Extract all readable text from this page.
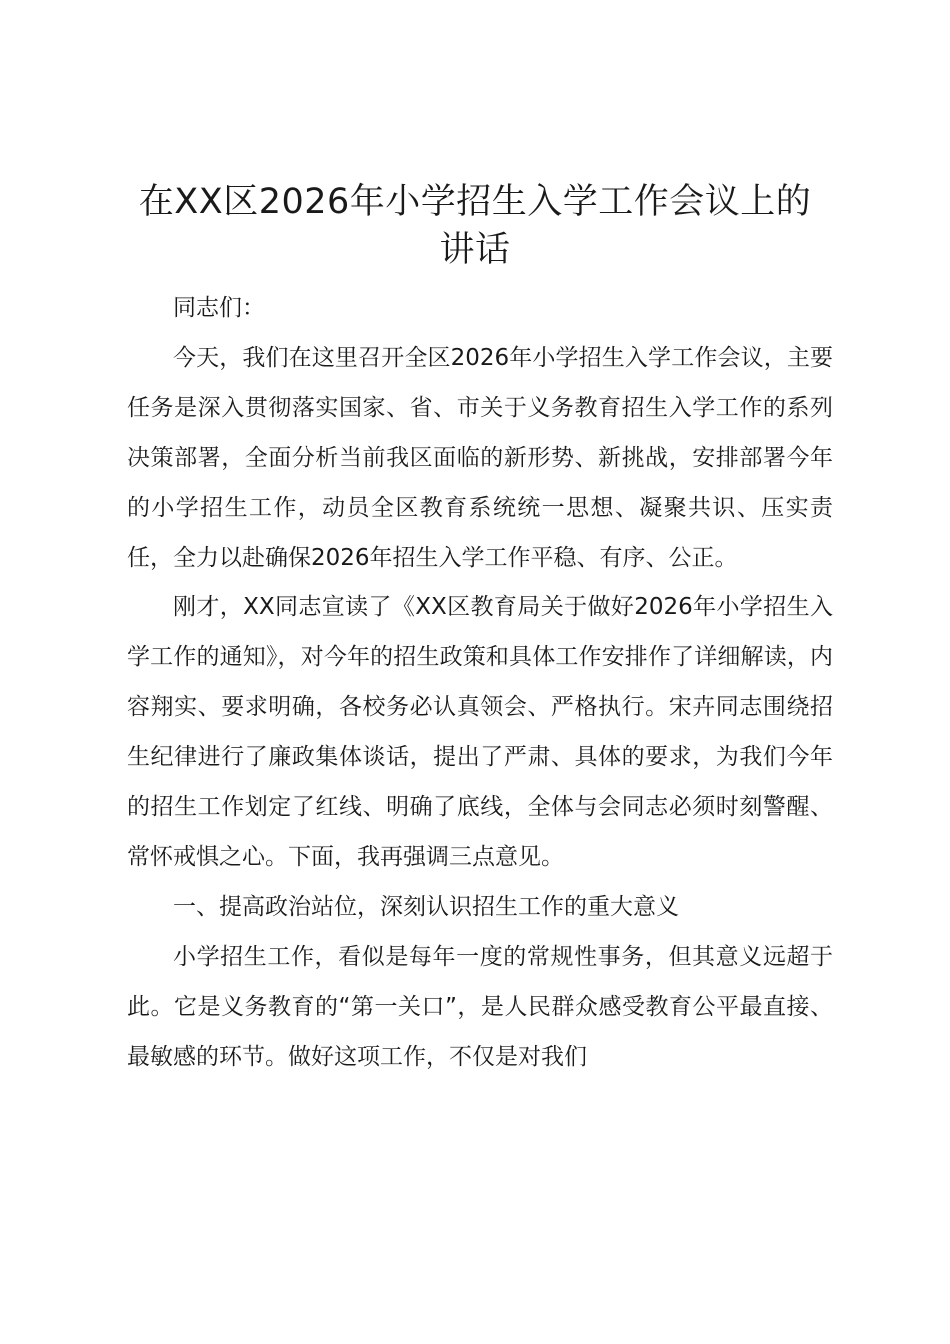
在XX区2026年小学招生入学工作会议上的
讲话

同志们：

今天，我们在这里召开全区2026年小学招生入学工作会议，主要任务是深入贯彻落实国家、省、市关于义务教育招生入学工作的系列决策部署，全面分析当前我区面临的新形势、新挑战，安排部署今年的小学招生工作，动员全区教育系统统一思想、凝聚共识、压实责任，全力以赴确保2026年招生入学工作平稳、有序、公正。

刚才，XX同志宣读了《XX区教育局关于做好2026年小学招生入学工作的通知》，对今年的招生政策和具体工作安排作了详细解读，内容翔实、要求明确，各校务必认真领会、严格执行。宋卉同志围绕招生纪律进行了廉政集体谈话，提出了严肃、具体的要求，为我们今年的招生工作划定了红线、明确了底线，全体与会同志必须时刻警醒、常怀戒惧之心。下面，我再强调三点意见。

一、提高政治站位，深刻认识招生工作的重大意义

小学招生工作，看似是每年一度的常规性事务，但其意义远超于此。它是义务教育的“第一关口”，是人民群众感受教育公平最直接、最敏感的环节。做好这项工作，不仅是对我们
